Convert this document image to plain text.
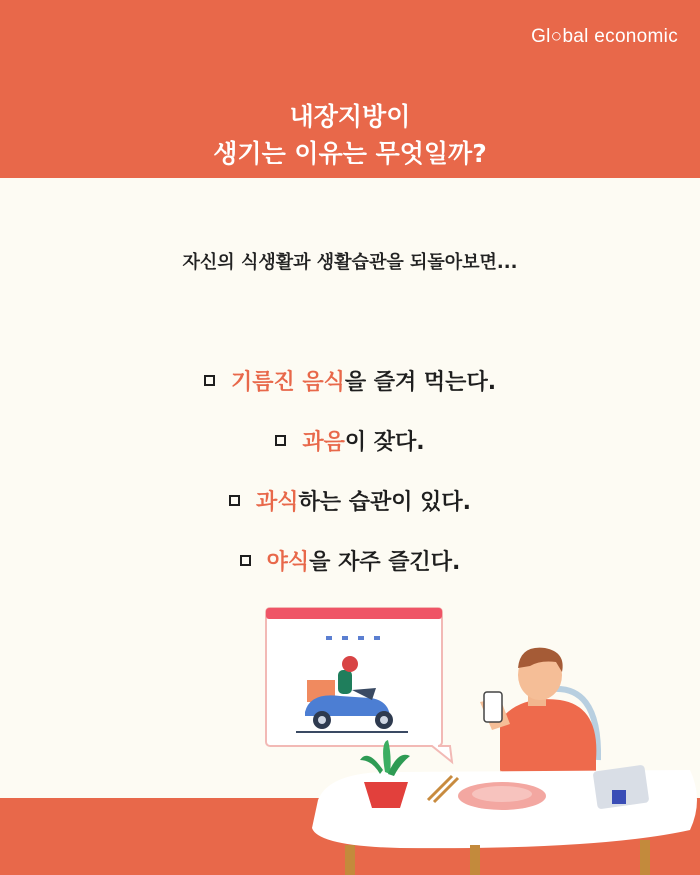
Gl○bal economic
내장지방이
생기는 이유는 무엇일까?
자신의 식생활과 생활습관을 되돌아보면...
기름진 음식 을 즐겨 먹는다.
과음 이 잦다.
과식 하는 습관이 있다.
야식 을 자주 즐긴다.
